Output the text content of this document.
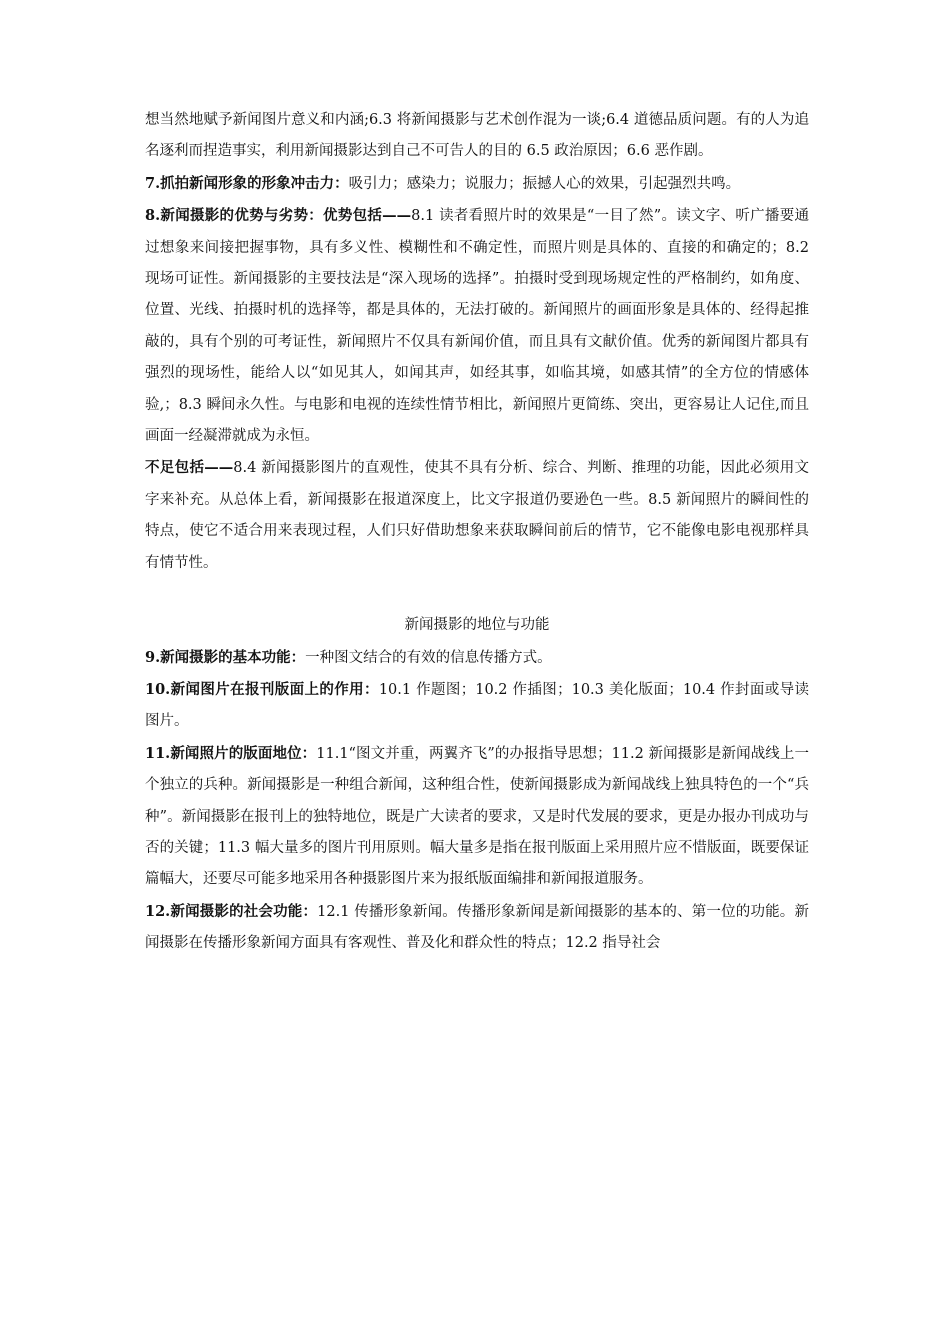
想当然地赋予新闻图片意义和内涵;6.3 将新闻摄影与艺术创作混为一谈;6.4 道德品质问题。有的人为追名逐利而捏造事实，利用新闻摄影达到自己不可告人的目的 6.5 政治原因；6.6 恶作剧。

7.抓拍新闻形象的形象冲击力：吸引力；感染力；说服力；振撼人心的效果，引起强烈共鸣。

8.新闻摄影的优势与劣势：优势包括——8.1 读者看照片时的效果是“一目了然”。读文字、听广播要通过想象来间接把握事物，具有多义性、模糊性和不确定性，而照片则是具体的、直接的和确定的；8.2 现场可证性。新闻摄影的主要技法是“深入现场的选择”。拍摄时受到现场规定性的严格制约，如角度、位置、光线、拍摄时机的选择等，都是具体的，无法打破的。新闻照片的画面形象是具体的、经得起推敲的，具有个别的可考证性，新闻照片不仅具有新闻价值，而且具有文献价值。优秀的新闻图片都具有强烈的现场性，能给人以“如见其人，如闻其声，如经其事，如临其境，如感其情”的全方位的情感体验,；8.3 瞬间永久性。与电影和电视的连续性情节相比，新闻照片更简练、突出，更容易让人记住,而且画面一经凝滞就成为永恒。

不足包括——8.4 新闻摄影图片的直观性，使其不具有分析、综合、判断、推理的功能，因此必须用文字来补充。从总体上看，新闻摄影在报道深度上，比文字报道仍要逊色一些。8.5 新闻照片的瞬间性的特点，使它不适合用来表现过程，人们只好借助想象来获取瞬间前后的情节，它不能像电影电视那样具有情节性。

新闻摄影的地位与功能

9.新闻摄影的基本功能：一种图文结合的有效的信息传播方式。

10.新闻图片在报刊版面上的作用：10.1 作题图；10.2 作插图；10.3 美化版面；10.4 作封面或导读图片。

11.新闻照片的版面地位：11.1“图文并重，两翼齐飞”的办报指导思想；11.2 新闻摄影是新闻战线上一个独立的兵种。新闻摄影是一种组合新闻，这种组合性，使新闻摄影成为新闻战线上独具特色的一个“兵种”。新闻摄影在报刊上的独特地位，既是广大读者的要求，又是时代发展的要求，更是办报办刊成功与否的关键；11.3 幅大量多的图片刊用原则。幅大量多是指在报刊版面上采用照片应不惜版面，既要保证篇幅大，还要尽可能多地采用各种摄影图片来为报纸版面编排和新闻报道服务。

12.新闻摄影的社会功能：12.1 传播形象新闻。传播形象新闻是新闻摄影的基本的、第一位的功能。新闻摄影在传播形象新闻方面具有客观性、普及化和群众性的特点；12.2 指导社会
